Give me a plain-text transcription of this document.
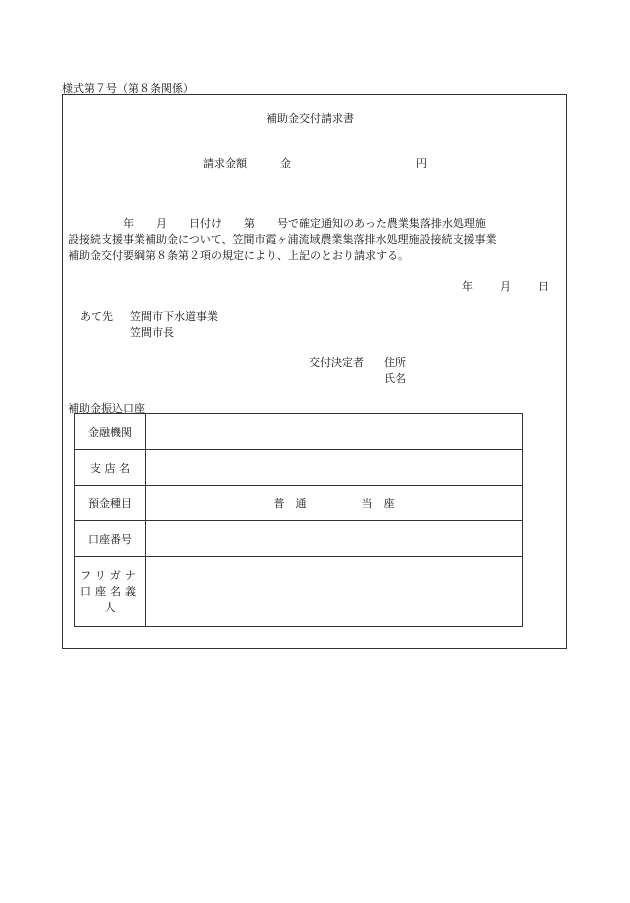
様式第７号（第８条関係）
補助金交付請求書
請求金額	金	円
　　　　　年　　月　　日付け　　第　　号で確定通知のあった農業集落排水処理施
設接続支援事業補助金について、笠間市霞ヶ浦流域農業集落排水処理施設接続支援事業
補助金交付要綱第８条第２項の規定により、上記のとおり請求する。
年 月 日
あて先 笠間市下水道事業
笠間市長
交付決定者 住所
氏名
補助金振込口座
金融機関	
支 店 名	
預金種目	普　通　　　　　当　座
口座番号	

フリガナ
口座名義
人	
